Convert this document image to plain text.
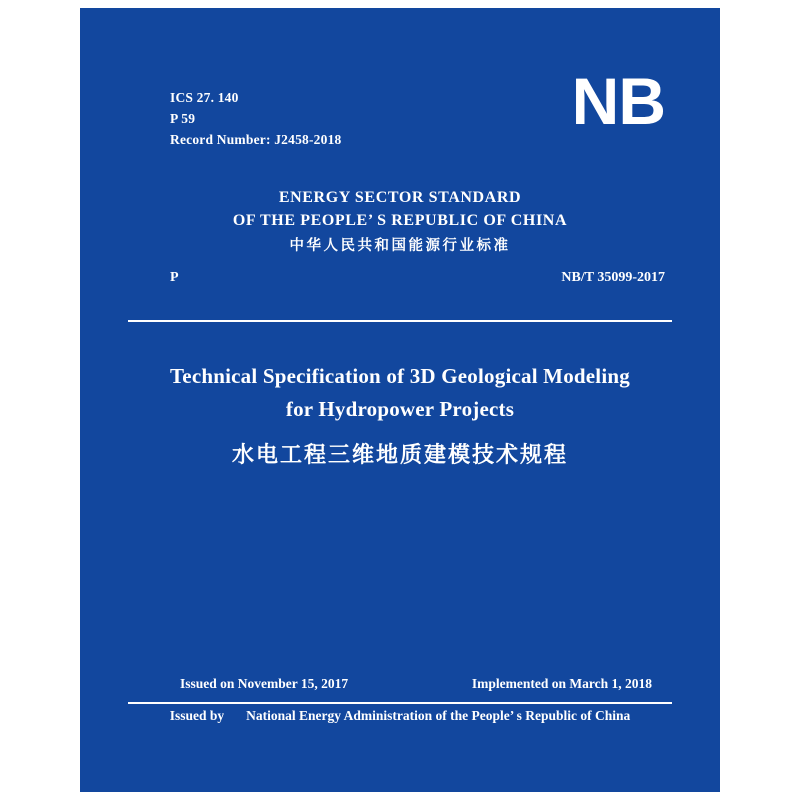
ICS 27. 140
P 59
Record Number: J2458-2018
NB
ENERGY SECTOR STANDARD
OF THE PEOPLE’ S REPUBLIC OF CHINA
中华人民共和国能源行业标准
P	NB/T 35099-2017
Technical Specification of 3D Geological Modeling
for Hydropower Projects
水电工程三维地质建模技术规程
Issued on November 15, 2017	Implemented on March 1, 2018
Issued by National Energy Administration of the People’ s Republic of China
